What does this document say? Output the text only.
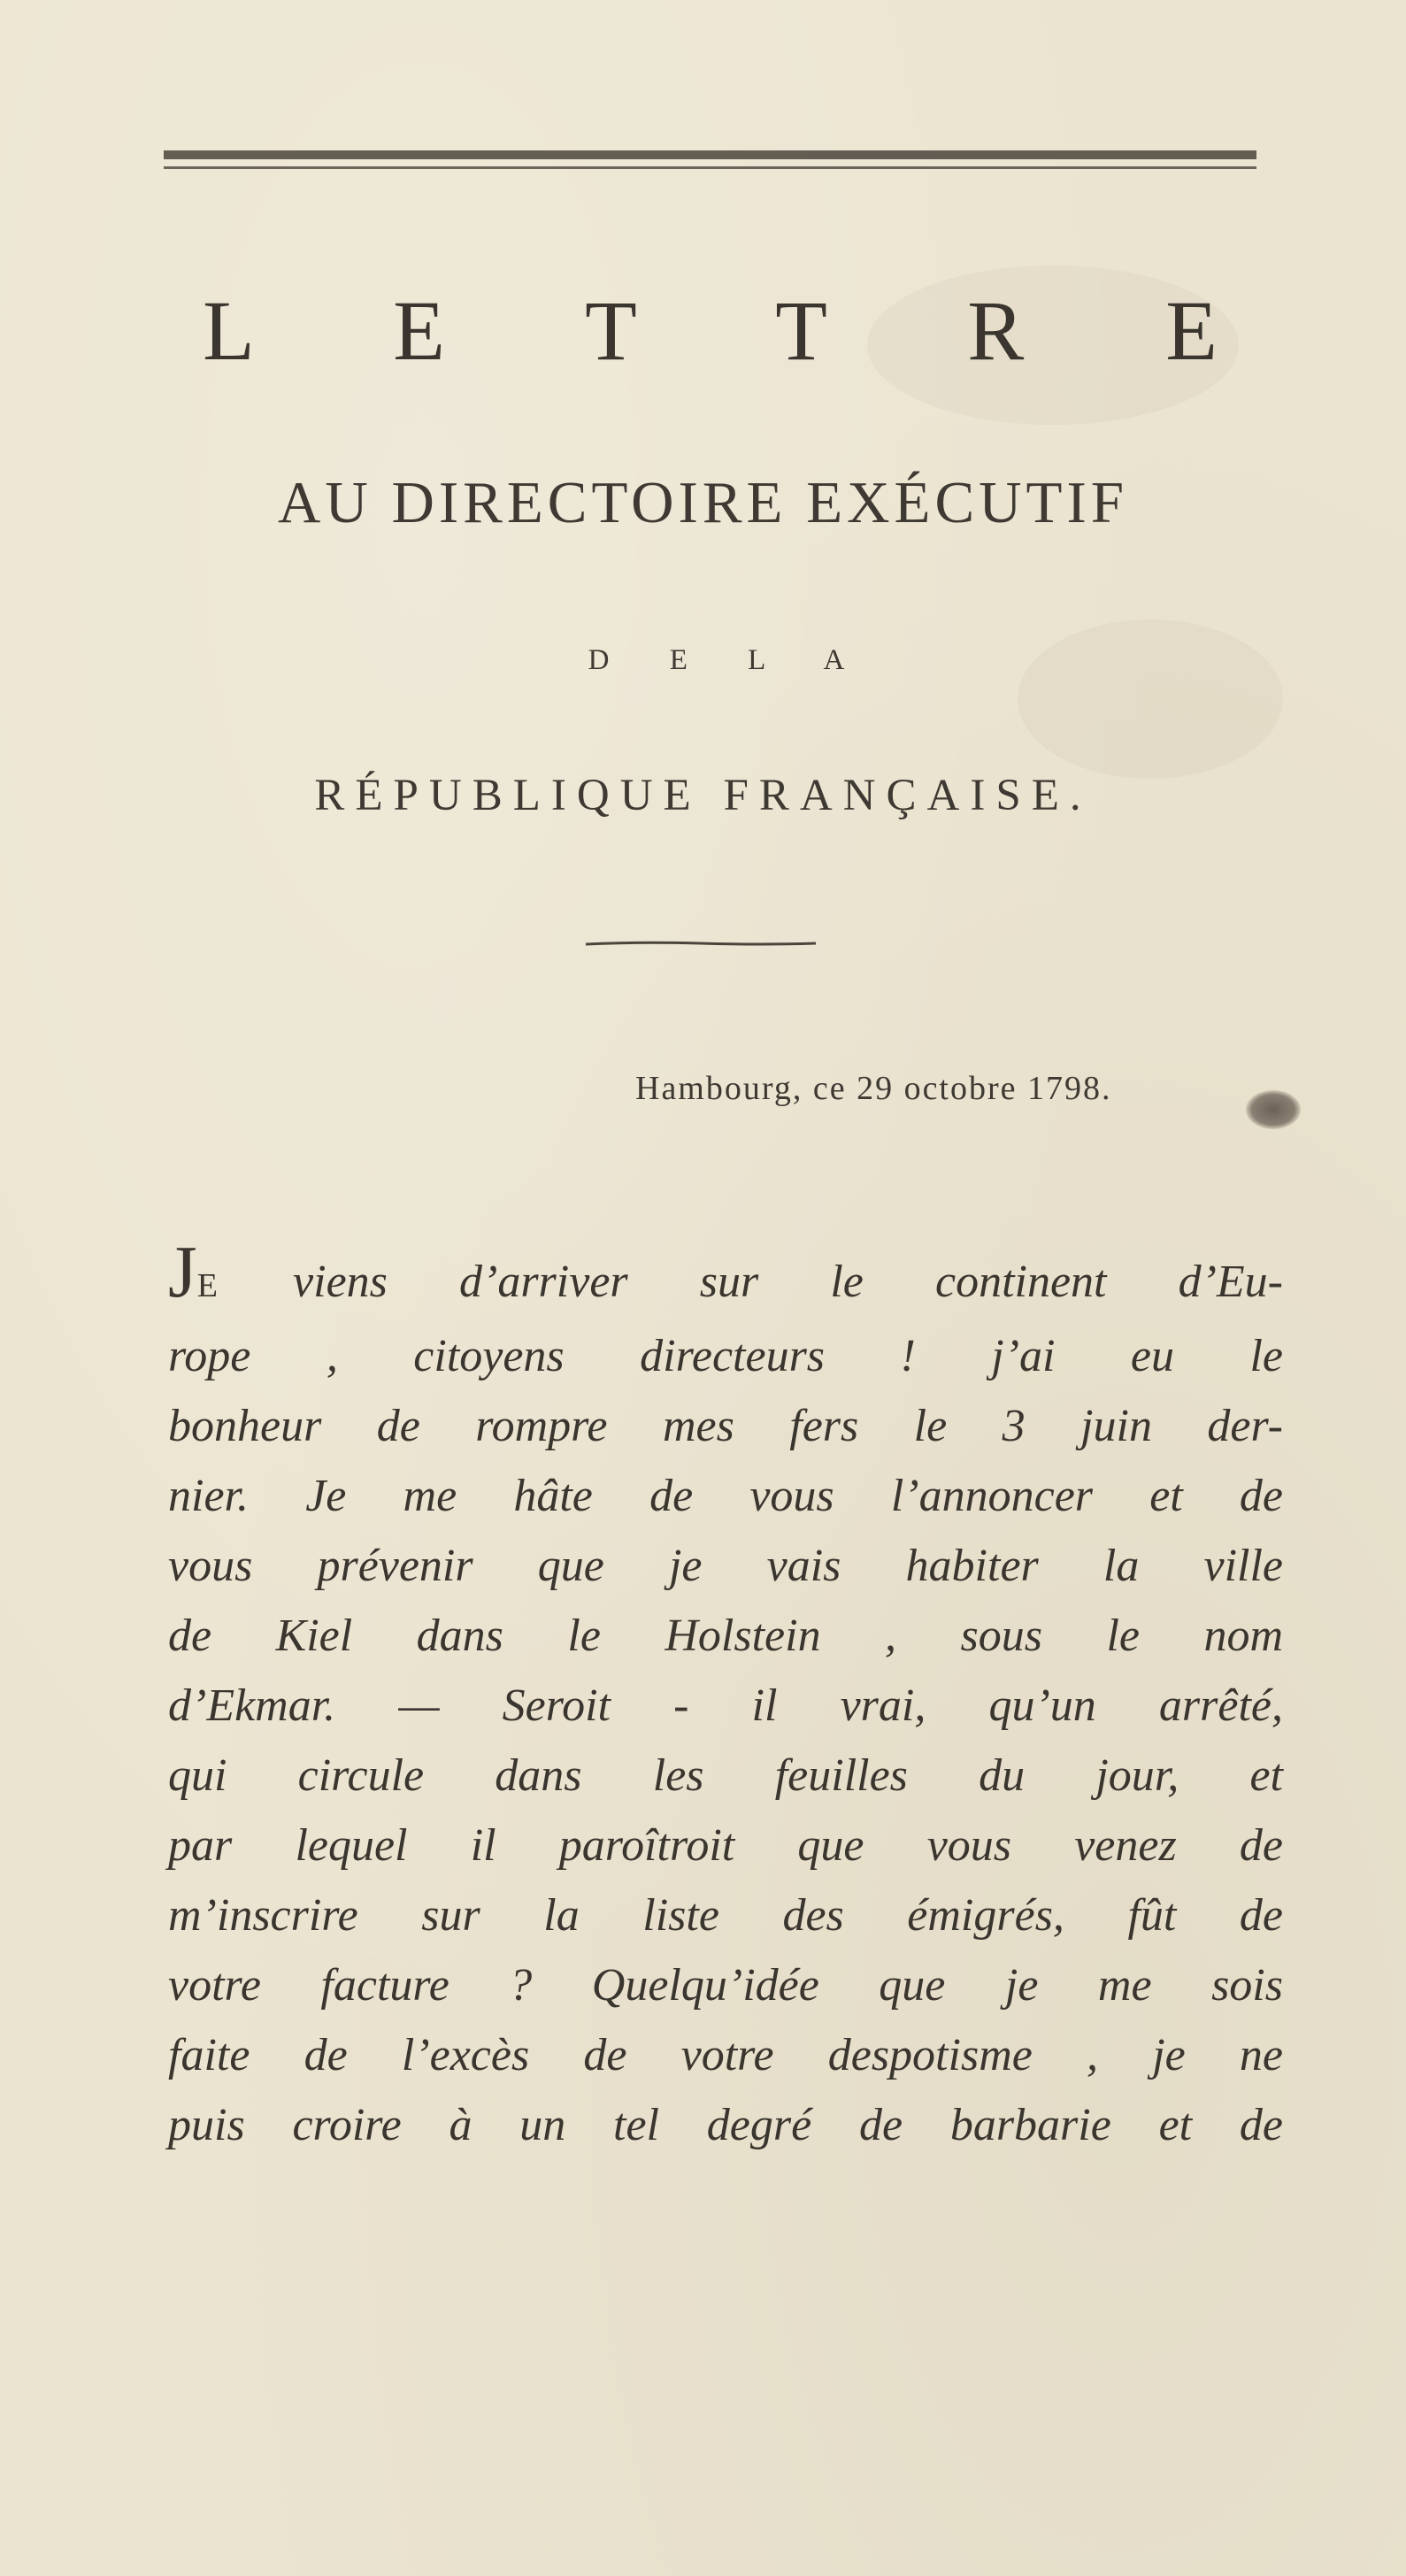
L E T T R E
AU DIRECTOIRE EXÉCUTIF
D E L A
RÉPUBLIQUE FRANÇAISE.
Hambourg, ce 29 octobre 1798.
JE viens d’arriver sur le continent d’Eu-
rope , citoyens directeurs ! j’ai eu le
bonheur de rompre mes fers le 3 juin der-
nier. Je me hâte de vous l’annoncer et de
vous prévenir que je vais habiter la ville
de Kiel dans le Holstein , sous le nom
d’Ekmar. — Seroit - il vrai, qu’un arrêté,
qui circule dans les feuilles du jour, et
par lequel il paroîtroit que vous venez de
m’inscrire sur la liste des émigrés, fût de
votre facture ? Quelqu’idée que je me sois
faite de l’excès de votre despotisme , je ne
puis croire à un tel degré de barbarie et de
